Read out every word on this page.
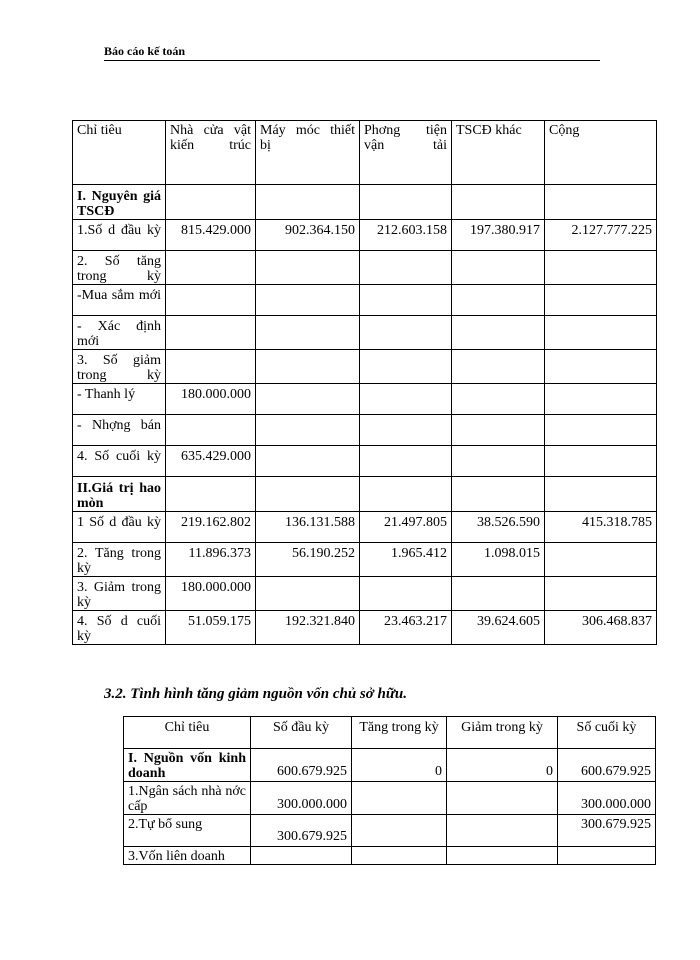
Báo cáo kế toán
Chỉ tiêu	Nhà cửa vật kiến trúc	Máy móc thiết bị	Phơng tiện vận tải	TSCĐ khác	Cộng
I. Nguyên giá TSCĐ					
1.Số d đầu kỳ	815.429.000	902.364.150	212.603.158	197.380.917	2.127.777.225
2. Số tăng trong kỳ					
-Mua sắm mới					
- Xác định mới					
3. Số giảm trong kỳ					
- Thanh lý	180.000.000				
- Nhợng bán					
4. Số cuối kỳ	635.429.000				
II.Giá trị hao mòn					
1 Số d đầu kỳ	219.162.802	136.131.588	21.497.805	38.526.590	415.318.785
2. Tăng trong kỳ	11.896.373	56.190.252	1.965.412	1.098.015	
3. Giảm trong kỳ	180.000.000				
4. Số d cuối kỳ	51.059.175	192.321.840	23.463.217	39.624.605	306.468.837
3.2. Tình hình tăng giảm nguồn vốn chủ sở hữu.
Chỉ tiêu	Số đầu kỳ	Tăng trong kỳ	Giảm trong kỳ	Số cuối kỳ
I. Nguồn vốn kinh doanh	600.679.925	0	0	600.679.925
1.Ngân sách nhà nớc cấp	300.000.000			300.000.000
2.Tự bổ sung	300.679.925			300.679.925
3.Vốn liên doanh				
